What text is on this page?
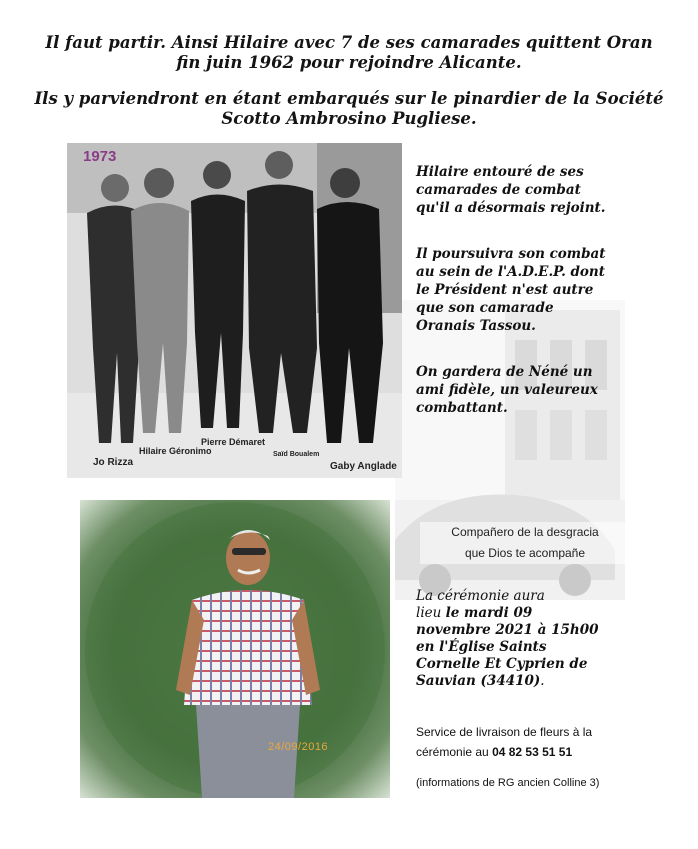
Il faut partir. Ainsi Hilaire avec 7 de ses camarades quittent Oran
fin juin 1962 pour rejoindre Alicante.
Ils y parviendront en étant embarqués sur le pinardier de la Société
Scotto Ambrosino Pugliese.
1973
Jo Rizza
Hilaire Géronimo
Pierre Démaret
Saïd Boualem
Gaby Anglade
Hilaire entouré de ses
camarades de combat
qu'il a désormais rejoint.
Il poursuivra son combat
au sein de l'A.D.E.P. dont
le Président n'est autre
que son camarade
Oranais Tassou.
On gardera de Néné un
ami fidèle, un valeureux
combattant.
24/09/2016
Compañero de la desgracia
que Dios te acompañe
La cérémonie aura
lieu le mardi 09
novembre 2021 à 15h00
en l'Église Saints
Cornelle Et Cyprien de
Sauvian (34410).
Service de livraison de fleurs à la
cérémonie au 04 82 53 51 51
(informations de RG ancien Colline 3)
